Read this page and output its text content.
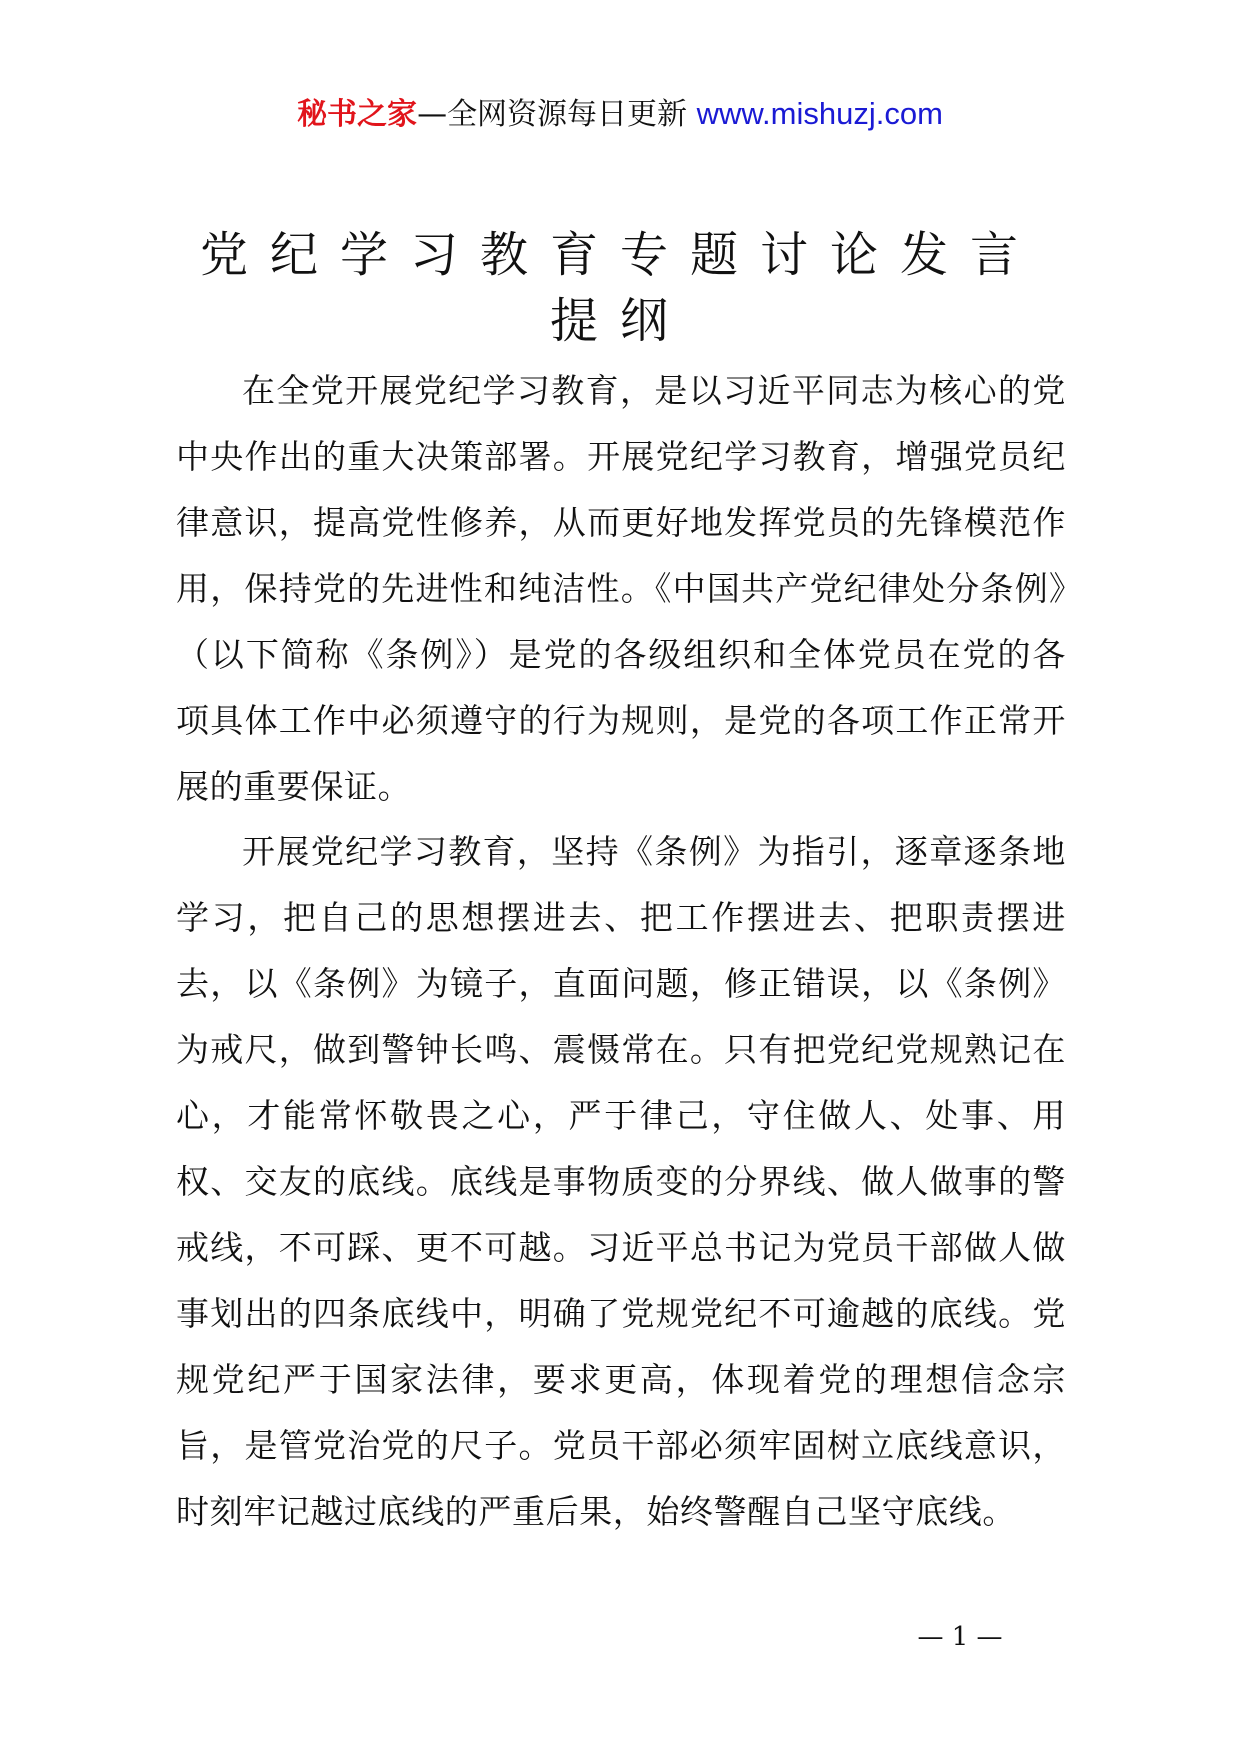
秘书之家—全网资源每日更新 www.mishuzj.com
党纪学习教育专题讨论发言提纲

在全党开展党纪学习教育，是以习近平同志为核心的党中央作出的重大决策部署。开展党纪学习教育，增强党员纪律意识，提高党性修养，从而更好地发挥党员的先锋模范作用，保持党的先进性和纯洁性。《中国共产党纪律处分条例》（以下简称《条例》）是党的各级组织和全体党员在党的各项具体工作中必须遵守的行为规则，是党的各项工作正常开展的重要保证。

开展党纪学习教育，坚持《条例》为指引，逐章逐条地学习，把自己的思想摆进去、把工作摆进去、把职责摆进去，以《条例》为镜子，直面问题，修正错误，以《条例》为戒尺，做到警钟长鸣、震慑常在。只有把党纪党规熟记在心，才能常怀敬畏之心，严于律己，守住做人、处事、用权、交友的底线。底线是事物质变的分界线、做人做事的警戒线，不可踩、更不可越。习近平总书记为党员干部做人做事划出的四条底线中，明确了党规党纪不可逾越的底线。党规党纪严于国家法律，要求更高，体现着党的理想信念宗旨，是管党治党的尺子。党员干部必须牢固树立底线意识，时刻牢记越过底线的严重后果，始终警醒自己坚守底线。

— 1 —
